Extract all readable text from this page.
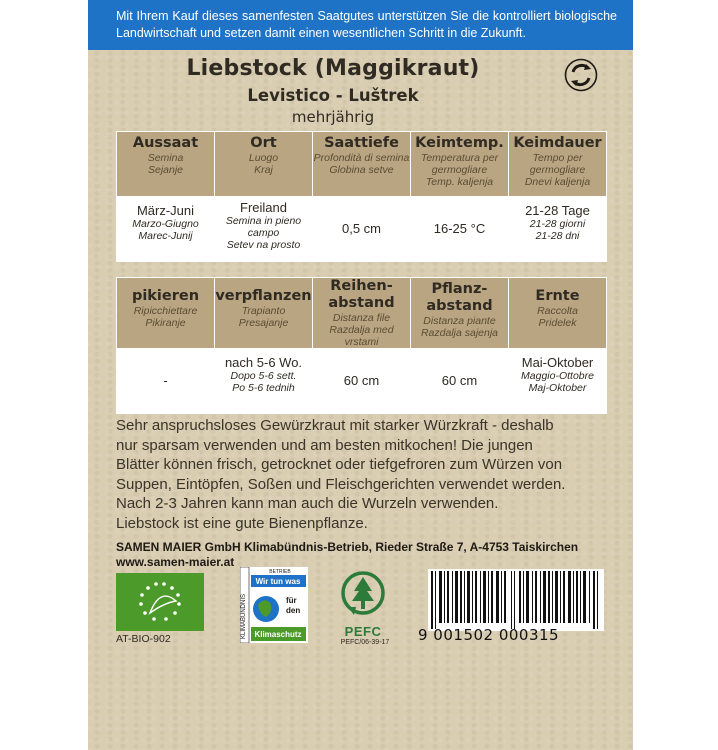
Mit Ihrem Kauf dieses samenfesten Saatgutes unterstützen Sie die kontrolliert biologische Landwirtschaft und setzen damit einen wesentlichen Schritt in die Zukunft.
Liebstock (Maggikraut)
Levistico - Luštrek
mehrjährig
Aussaat
Semina
Sejanje	Ort
Luogo
Kraj	Saattiefe
Profondità di semina
Globina setve	Keimtemp.
Temperatura per germogliare
Temp. kaljenja	Keimdauer
Tempo per germogliare
Dnevi kaljenja

März-Juni
Marzo-Giugno
Marec-Junij	Freiland
Semina in pieno campo
Setev na prosto	0,5 cm	16-25 °C	21-28 Tage
21-28 giorni
21-28 dni
pikieren
Ripicchiettare
Pikiranje	verpflanzen
Trapianto
Presajanje	Reihen-
abstand
Distanza file
Razdalja med vrstami	Pflanz-
abstand
Distanza piante
Razdalja sajenja	Ernte
Raccolta
Pridelek

-	nach 5-6 Wo.
Dopo 5-6 sett.
Po 5-6 tednih	60 cm	60 cm	Mai-Oktober
Maggio-Ottobre
Maj-Oktober
Sehr anspruchsloses Gewürzkraut mit starker Würzkraft - deshalb
nur sparsam verwenden und am besten mitkochen! Die jungen
Blätter können frisch, getrocknet oder tiefgefroren zum Würzen von
Suppen, Eintöpfen, Soßen und Fleischgerichten verwendet werden.
Nach 2-3 Jahren kann man auch die Wurzeln verwenden.
Liebstock ist eine gute Bienenpflanze.
SAMEN MAIER GmbH Klimabündnis-Betrieb, Rieder Straße 7, A-4753 Taiskirchen
www.samen-maier.at
AT-BIO-902	KLIMABÜNDNIS
BETRIEB
Wir tun was
für
den
Klimaschutz	PEFC
PEFC/06-39-17 9 001502 000315
